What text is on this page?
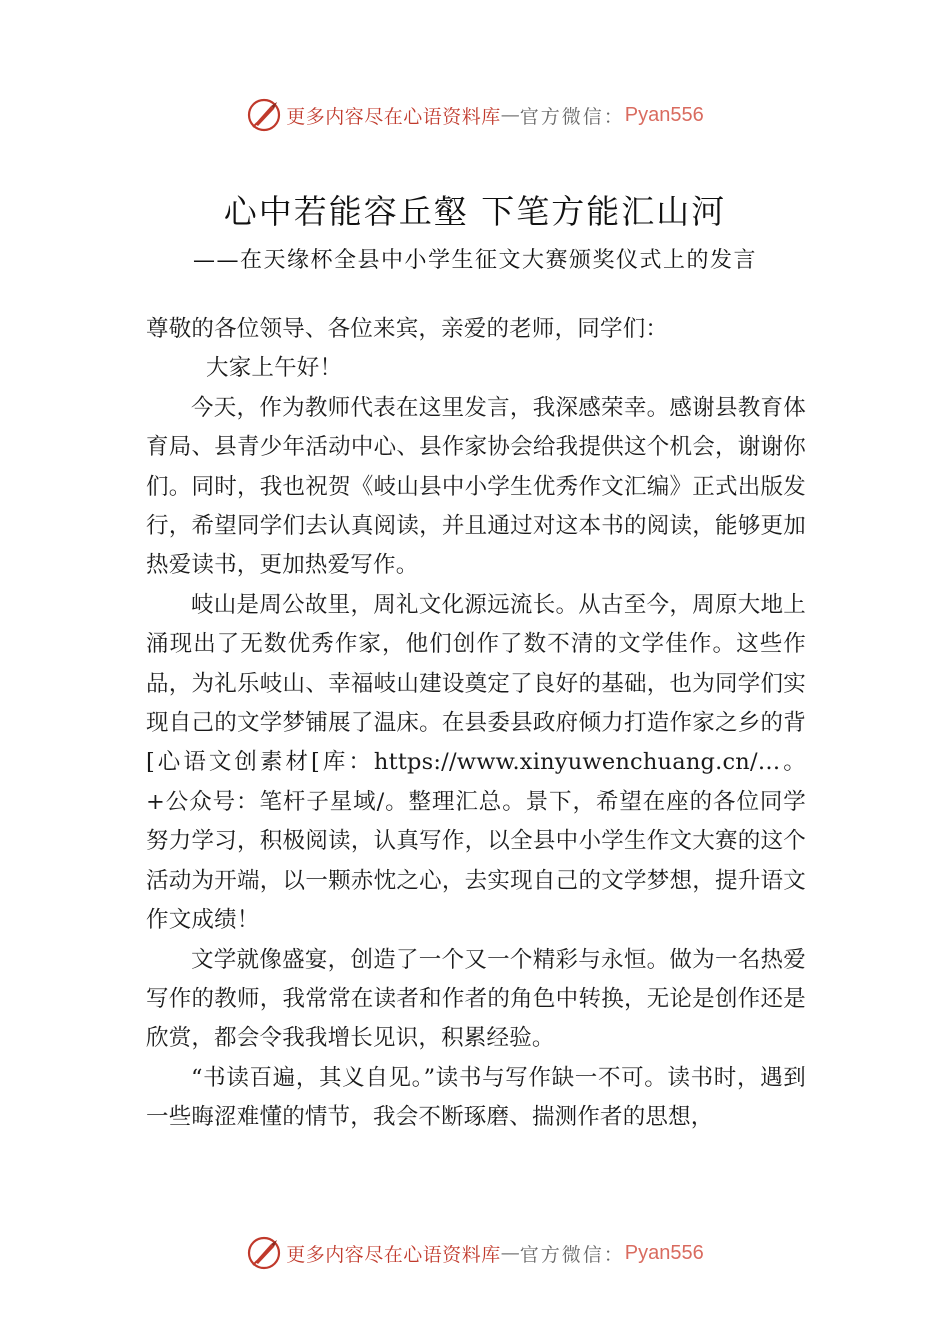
更多内容尽在心语资料库 — 官方微信： Pyan556
心中若能容丘壑 下笔方能汇山河
——在天缘杯全县中小学生征文大赛颁奖仪式上的发言

尊敬的各位领导、各位来宾，亲爱的老师，同学们：

大家上午好！

今天，作为教师代表在这里发言，我深感荣幸。感谢县教育体育局、县青少年活动中心、县作家协会给我提供这个机会，谢谢你们。同时，我也祝贺《岐山县中小学生优秀作文汇编》正式出版发行，希望同学们去认真阅读，并且通过对这本书的阅读，能够更加热爱读书，更加热爱写作。

岐山是周公故里，周礼文化源远流长。从古至今，周原大地上涌现出了无数优秀作家，他们创作了数不清的文学佳作。这些作品，为礼乐岐山、幸福岐山建设奠定了良好的基础，也为同学们实现自己的文学梦铺展了温床。在县委县政府倾力打造作家之乡的背[心语文创素材[库：https://www.xinyuwenchuang.cn/…。+公众号：笔杆子星域/。整理汇总。景下，希望在座的各位同学努力学习，积极阅读，认真写作，以全县中小学生作文大赛的这个活动为开端，以一颗赤忱之心，去实现自己的文学梦想，提升语文作文成绩！

文学就像盛宴，创造了一个又一个精彩与永恒。做为一名热爱写作的教师，我常常在读者和作者的角色中转换，无论是创作还是欣赏，都会令我我增长见识，积累经验。

“书读百遍，其义自见。”读书与写作缺一不可。读书时，遇到一些晦涩难懂的情节，我会不断琢磨、揣测作者的思想，

更多内容尽在心语资料库 — 官方微信： Pyan556
